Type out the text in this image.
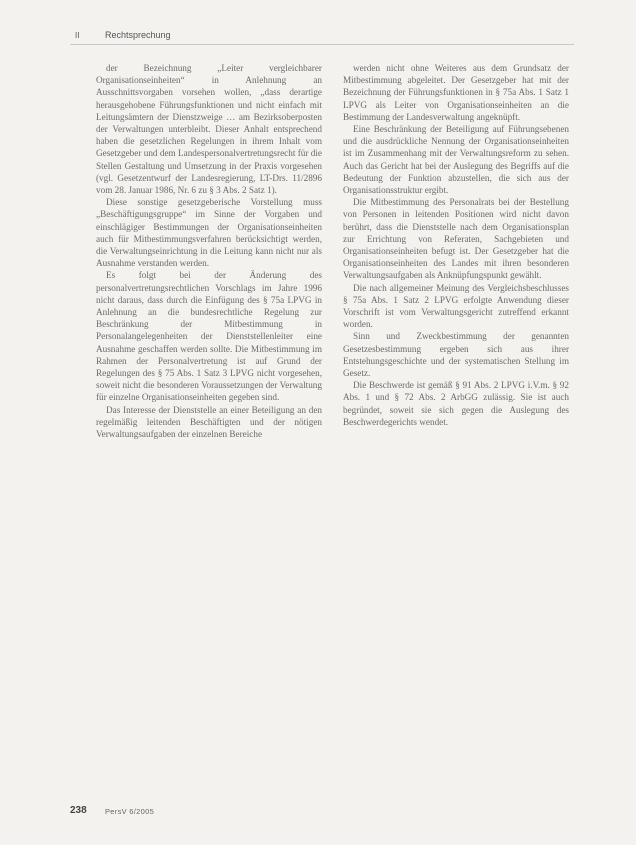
II	Rechtsprechung

der Bezeichnung „Leiter vergleichbarer Organisationseinheiten“ in Anlehnung an Ausschnittsvorgaben vorsehen wollen, „dass derartige herausgehobene Führungsfunktionen und nicht einfach mit Leitungsämtern der Dienstzweige … am Bezirksoberposten der Verwaltungen unterbleibt. Dieser Anhalt entsprechend haben die gesetzlichen Regelungen in ihrem Inhalt vom Gesetzgeber und dem Landespersonalvertretungsrecht für die Stellen Gestaltung und Umsetzung in der Praxis vorgesehen (vgl. Gesetzentwurf der Landesregierung, LT-Drs. 11/2896 vom 28. Januar 1986, Nr. 6 zu § 3 Abs. 2 Satz 1).

Diese sonstige gesetzgeberische Vorstellung muss „Beschäftigungsgruppe“ im Sinne der Vorgaben und einschlägiger Bestimmungen der Organisationseinheiten auch für Mitbestimmungsverfahren berücksichtigt werden, die Verwaltungseinrichtung in die Leitung kann nicht nur als Ausnahme verstanden werden.

Es folgt bei der Änderung des personalvertretungsrechtlichen Vorschlags im Jahre 1996 nicht daraus, dass durch die Einfügung des § 75a LPVG in Anlehnung an die bundesrechtliche Regelung zur Beschränkung der Mitbestimmung in Personalangelegenheiten der Dienststellenleiter eine Ausnahme geschaffen werden sollte. Die Mitbestimmung im Rahmen der Personalvertretung ist auf Grund der Regelungen des § 75 Abs. 1 Satz 3 LPVG nicht vorgesehen, soweit nicht die besonderen Voraussetzungen der Verwaltung für einzelne Organisationseinheiten gegeben sind.

Das Interesse der Dienststelle an einer Beteiligung an den regelmäßig leitenden Beschäftigten und der nötigen Verwaltungsaufgaben der einzelnen Bereiche

werden nicht ohne Weiteres aus dem Grundsatz der Mitbestimmung abgeleitet. Der Gesetzgeber hat mit der Bezeichnung der Führungsfunktionen in § 75a Abs. 1 Satz 1 LPVG als Leiter von Organisationseinheiten an die Bestimmung der Landesverwaltung angeknüpft.

Eine Beschränkung der Beteiligung auf Führungsebenen und die ausdrückliche Nennung der Organisationseinheiten ist im Zusammenhang mit der Verwaltungsreform zu sehen. Auch das Gericht hat bei der Auslegung des Begriffs auf die Bedeutung der Funktion abzustellen, die sich aus der Organisationsstruktur ergibt.

Die Mitbestimmung des Personalrats bei der Bestellung von Personen in leitenden Positionen wird nicht davon berührt, dass die Dienststelle nach dem Organisationsplan zur Errichtung von Referaten, Sachgebieten und Organisationseinheiten befugt ist. Der Gesetzgeber hat die Organisationseinheiten des Landes mit ihren besonderen Verwaltungsaufgaben als Anknüpfungspunkt gewählt.

Die nach allgemeiner Meinung des Vergleichsbeschlusses § 75a Abs. 1 Satz 2 LPVG erfolgte Anwendung dieser Vorschrift ist vom Verwaltungsgericht zutreffend erkannt worden.

Sinn und Zweckbestimmung der genannten Gesetzesbestimmung ergeben sich aus ihrer Entstehungsgeschichte und der systematischen Stellung im Gesetz.

Die Beschwerde ist gemäß § 91 Abs. 2 LPVG i.V.m. § 92 Abs. 1 und § 72 Abs. 2 ArbGG zulässig. Sie ist auch begründet, soweit sie sich gegen die Auslegung des Beschwerdegerichts wendet.

238 PersV 6/2005
